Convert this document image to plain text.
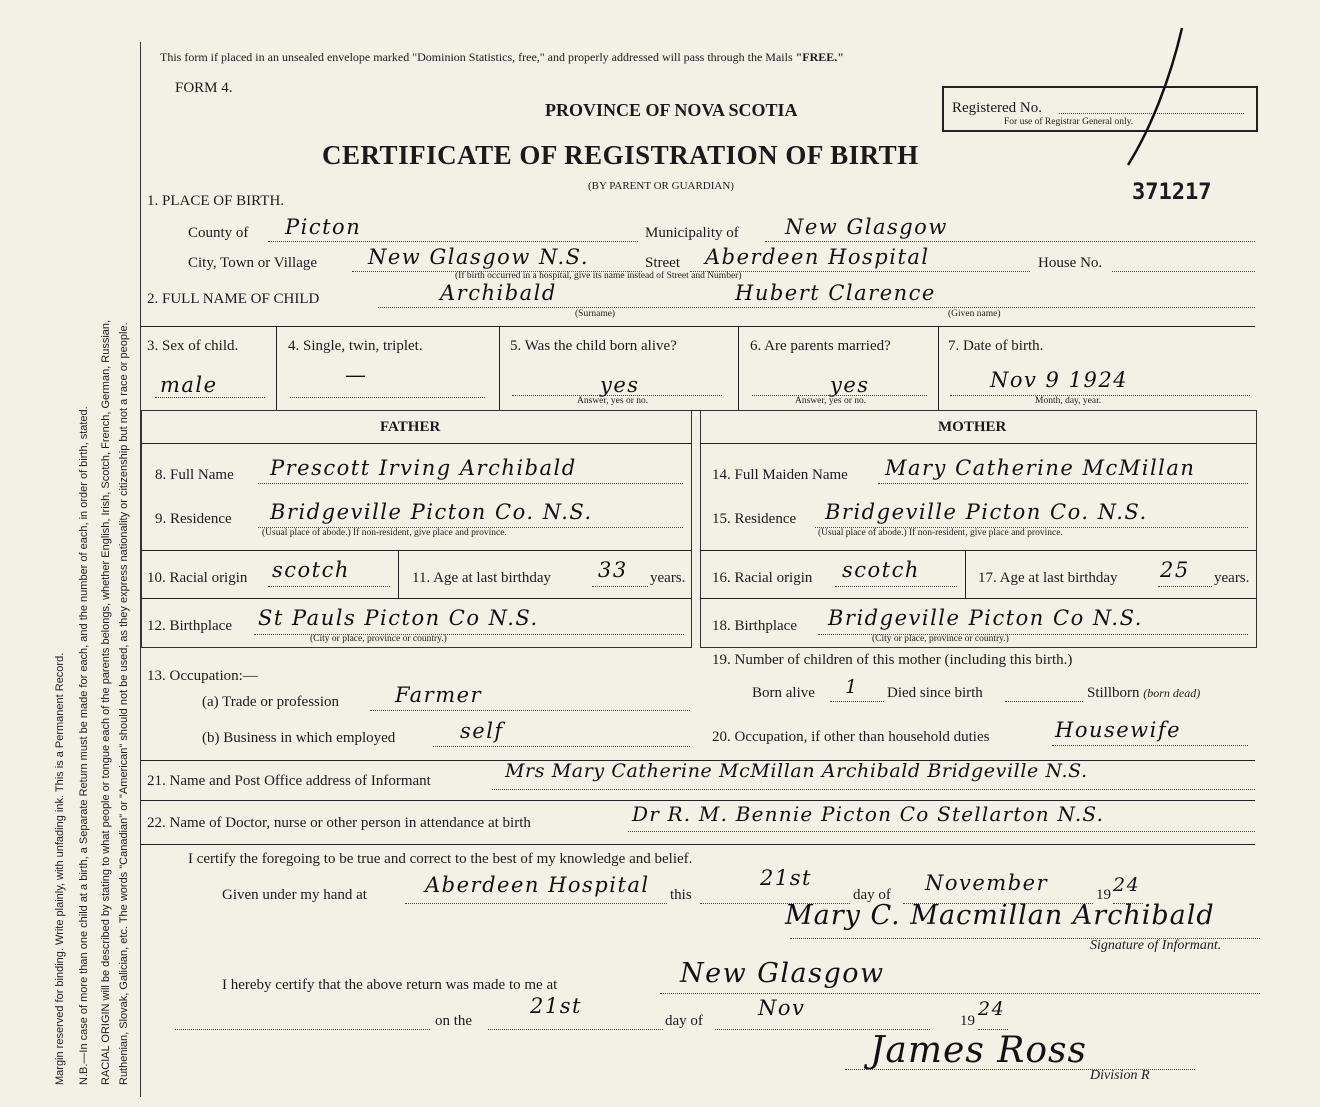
Margin reserved for binding. Write plainly, with unfading ink. This is a Permanent Record. N.B.—In case of more than one child at a birth, a Separate Return must be made for each, and the number of each, in order of birth, stated. RACIAL ORIGIN will be described by stating to what people or tongue each of the parents belongs, whether English, Irish, Scotch, French, German, Russian, Ruthenian, Slovak, Galician, etc. The words "Canadian" or "American" should not be used, as they express nationality or citizenship but not a race or people.
This form if placed in an unsealed envelope marked "Dominion Statistics, free," and properly addressed will pass through the Mails "FREE."
FORM 4.
PROVINCE OF NOVA SCOTIA
CERTIFICATE OF REGISTRATION OF BIRTH
(BY PARENT OR GUARDIAN)
Registered No.
For use of Registrar General only.
371217
1. PLACE OF BIRTH.
County of Picton	Municipality of New Glasgow
City, Town or Village New Glasgow N.S.	Street Aberdeen Hospital	House No.
(If birth occurred in a hospital, give its name instead of Street and Number)
2. FULL NAME OF CHILD	Archibald	Hubert Clarence
(Surname)	(Given name)
3. Sex of child.
male
4. Single, twin, triplet.
—
5. Was the child born alive?
yes
Answer, yes or no.
6. Are parents married?
yes
Answer, yes or no.
7. Date of birth.
Nov 9 1924
Month, day, year.
FATHER	MOTHER
8. Full Name Prescott Irving Archibald
9. Residence Bridgeville Picton Co. N.S.
(Usual place of abode.) If non-resident, give place and province.
10. Racial origin scotch	11. Age at last birthday 33 years.
12. Birthplace St Pauls Picton Co N.S.
(City or place, province or country.)
13. Occupation:—
(a) Trade or profession	Farmer
(b) Business in which employed	self
14. Full Maiden Name Mary Catherine McMillan
15. Residence Bridgeville Picton Co. N.S.
(Usual place of abode.) If non-resident, give place and province.
16. Racial origin scotch	17. Age at last birthday 25 years.
18. Birthplace Bridgeville Picton Co N.S.
(City or place, province or country.)
19. Number of children of this mother (including this birth.)
Born alive 1 Died since birth	Stillborn (born dead)
20. Occupation, if other than household duties	Housewife
21. Name and Post Office address of Informant	Mrs Mary Catherine McMillan Archibald Bridgeville N.S.
22. Name of Doctor, nurse or other person in attendance at birth	Dr R. M. Bennie Picton Co Stellarton N.S.
I certify the foregoing to be true and correct to the best of my knowledge and belief.
Given under my hand at	Aberdeen Hospital this
21st
day of November	19 24
Mary C. Macmillan Archibald
Signature of Informant.
I hereby certify that the above return was made to me at	New Glasgow
on the
21st
day of
Nov
19
24
James Ross
Division R
